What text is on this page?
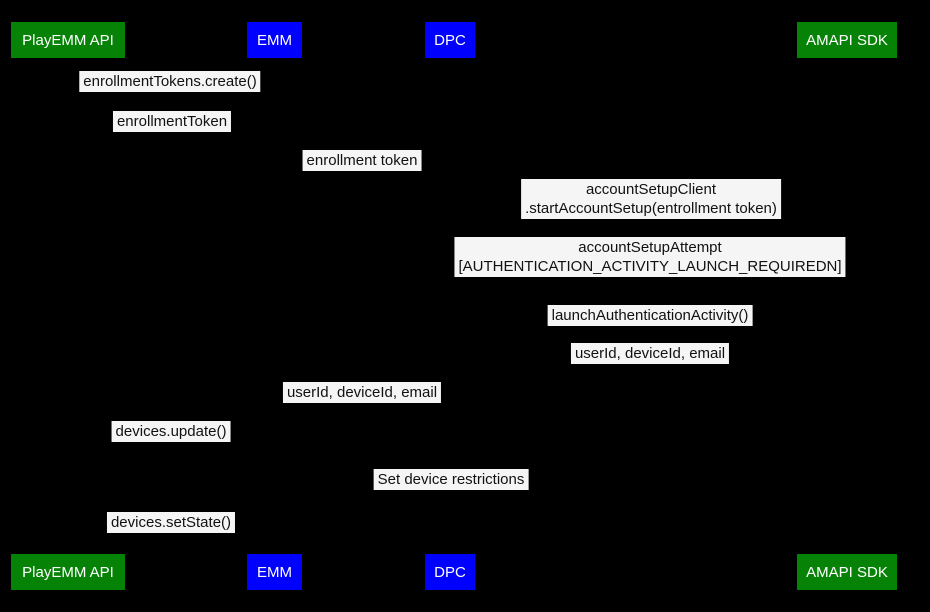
PlayEMM API	EMM	DPC	AMAPI SDK
enrollmentTokens.create()
enrollmentToken
enrollment token
accountSetupClient
.startAccountSetup(entrollment token)
accountSetupAttempt
[AUTHENTICATION_ACTIVITY_LAUNCH_REQUIREDN]
launchAuthenticationActivity()
userId, deviceId, email
userId, deviceId, email
devices.update()
Set device restrictions
devices.setState()
PlayEMM API	EMM	DPC	AMAPI SDK
